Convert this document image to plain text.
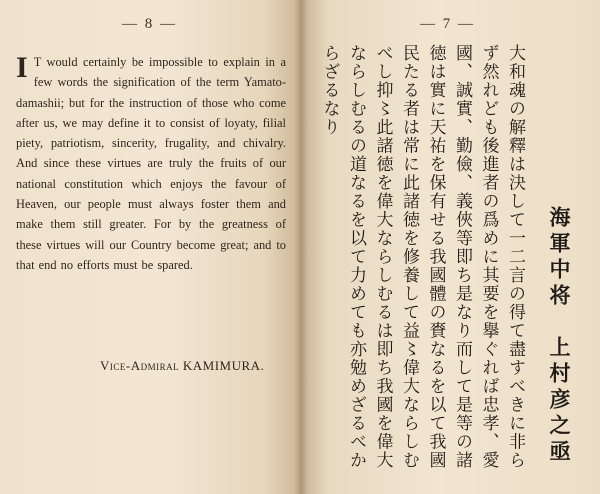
— 8 —
I T would certainly be impossible to explain in a few words the signification of the term Yamato-damashii; but for the instruction of those who come after us, we may define it to consist of loyaty, filial piety, patriotism, sincerity, frugality, and chivalry. And since these virtues are truly the fruits of our national constitution which enjoys the favour of Heaven, our people must always foster them and make them still greater. For by the greatness of these virtues will our Country become great; and to that end no efforts must be spared.
Vice-Admiral KAMIMURA.
— 7 —
海軍中将　上村彦之亟
大和魂の解釋は決して一二言の得て盡すべきに非らず然れども後進者の爲めに其要を擧ぐれば忠孝、愛國、誠實、勤儉、義俠等即ち是なり而して是等の諸徳は實に天祐を保有せる我國體の賚なるを以て我國民たる者は常に此諸徳を修養して益〻偉大ならしむべし抑〻此諸徳を偉大ならしむるは即ち我國を偉大ならしむるの道なるを以て力めても亦勉めざるべからざるなり
